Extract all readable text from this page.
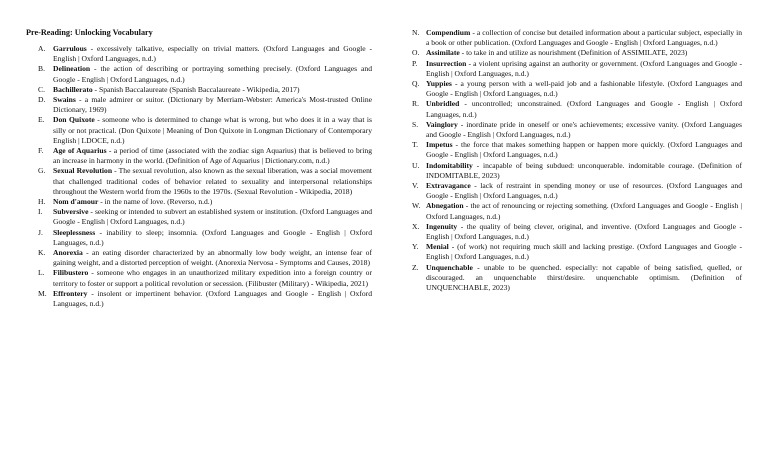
Pre-Reading: Unlocking Vocabulary
A.	Garrulous - excessively talkative, especially on trivial matters. (Oxford Languages and Google - English | Oxford Languages, n.d.)
B.	Delineation - the action of describing or portraying something precisely. (Oxford Languages and Google - English | Oxford Languages, n.d.)
C.	Bachillerato - Spanish Baccalaureate (Spanish Baccalaureate - Wikipedia, 2017)
D.	Swains - a male admirer or suitor. (Dictionary by Merriam-Webster: America's Most-trusted Online Dictionary, 1969)
E.	Don Quixote - someone who is determined to change what is wrong, but who does it in a way that is silly or not practical. (Don Quixote | Meaning of Don Quixote in Longman Dictionary of Contemporary English | LDOCE, n.d.)
F.	Age of Aquarius - a period of time (associated with the zodiac sign Aquarius) that is believed to bring an increase in harmony in the world. (Definition of Age of Aquarius | Dictionary.com, n.d.)
G.	Sexual Revolution - The sexual revolution, also known as the sexual liberation, was a social movement that challenged traditional codes of behavior related to sexuality and interpersonal relationships throughout the Western world from the 1960s to the 1970s. (Sexual Revolution - Wikipedia, 2018)
H.	Nom d'amour - in the name of love. (Reverso, n.d.)
I.	Subversive - seeking or intended to subvert an established system or institution. (Oxford Languages and Google - English | Oxford Languages, n.d.)
J.	Sleeplessness - inability to sleep; insomnia. (Oxford Languages and Google - English | Oxford Languages, n.d.)
K.	Anorexia - an eating disorder characterized by an abnormally low body weight, an intense fear of gaining weight, and a distorted perception of weight. (Anorexia Nervosa - Symptoms and Causes, 2018)
L.	Filibustero - someone who engages in an unauthorized military expedition into a foreign country or territory to foster or support a political revolution or secession. (Filibuster (Military) - Wikipedia, 2021)
M. Effrontery - insolent or impertinent behavior. (Oxford Languages and Google - English | Oxford Languages, n.d.)
N. Compendium - a collection of concise but detailed information about a particular subject, especially in a book or other publication. (Oxford Languages and Google - English | Oxford Languages, n.d.)
O. Assimilate - to take in and utilize as nourishment (Definition of ASSIMILATE, 2023)
P.	Insurrection - a violent uprising against an authority or government. (Oxford Languages and Google - English | Oxford Languages, n.d.)
Q. Yuppies - a young person with a well-paid job and a fashionable lifestyle. (Oxford Languages and Google - English | Oxford Languages, n.d.)
R. Unbridled - uncontrolled; unconstrained. (Oxford Languages and Google - English | Oxford Languages, n.d.)
S.	Vainglory - inordinate pride in oneself or one's achievements; excessive vanity. (Oxford Languages and Google - English | Oxford Languages, n.d.)
T.	Impetus - the force that makes something happen or happen more quickly. (Oxford Languages and Google - English | Oxford Languages, n.d.)
U. Indomitability - incapable of being subdued: unconquerable. indomitable courage. (Definition of INDOMITABLE, 2023)
V. Extravagance - lack of restraint in spending money or use of resources. (Oxford Languages and Google - English | Oxford Languages, n.d.)
W. Abnegation - the act of renouncing or rejecting something. (Oxford Languages and Google - English | Oxford Languages, n.d.)
X. Ingenuity - the quality of being clever, original, and inventive. (Oxford Languages and Google - English | Oxford Languages, n.d.)
Y. Menial - (of work) not requiring much skill and lacking prestige. (Oxford Languages and Google - English | Oxford Languages, n.d.)
Z. Unquenchable - unable to be quenched. especially: not capable of being satisfied, quelled, or discouraged. an unquenchable thirst/desire. unquenchable optimism. (Definition of UNQUENCHABLE, 2023)
